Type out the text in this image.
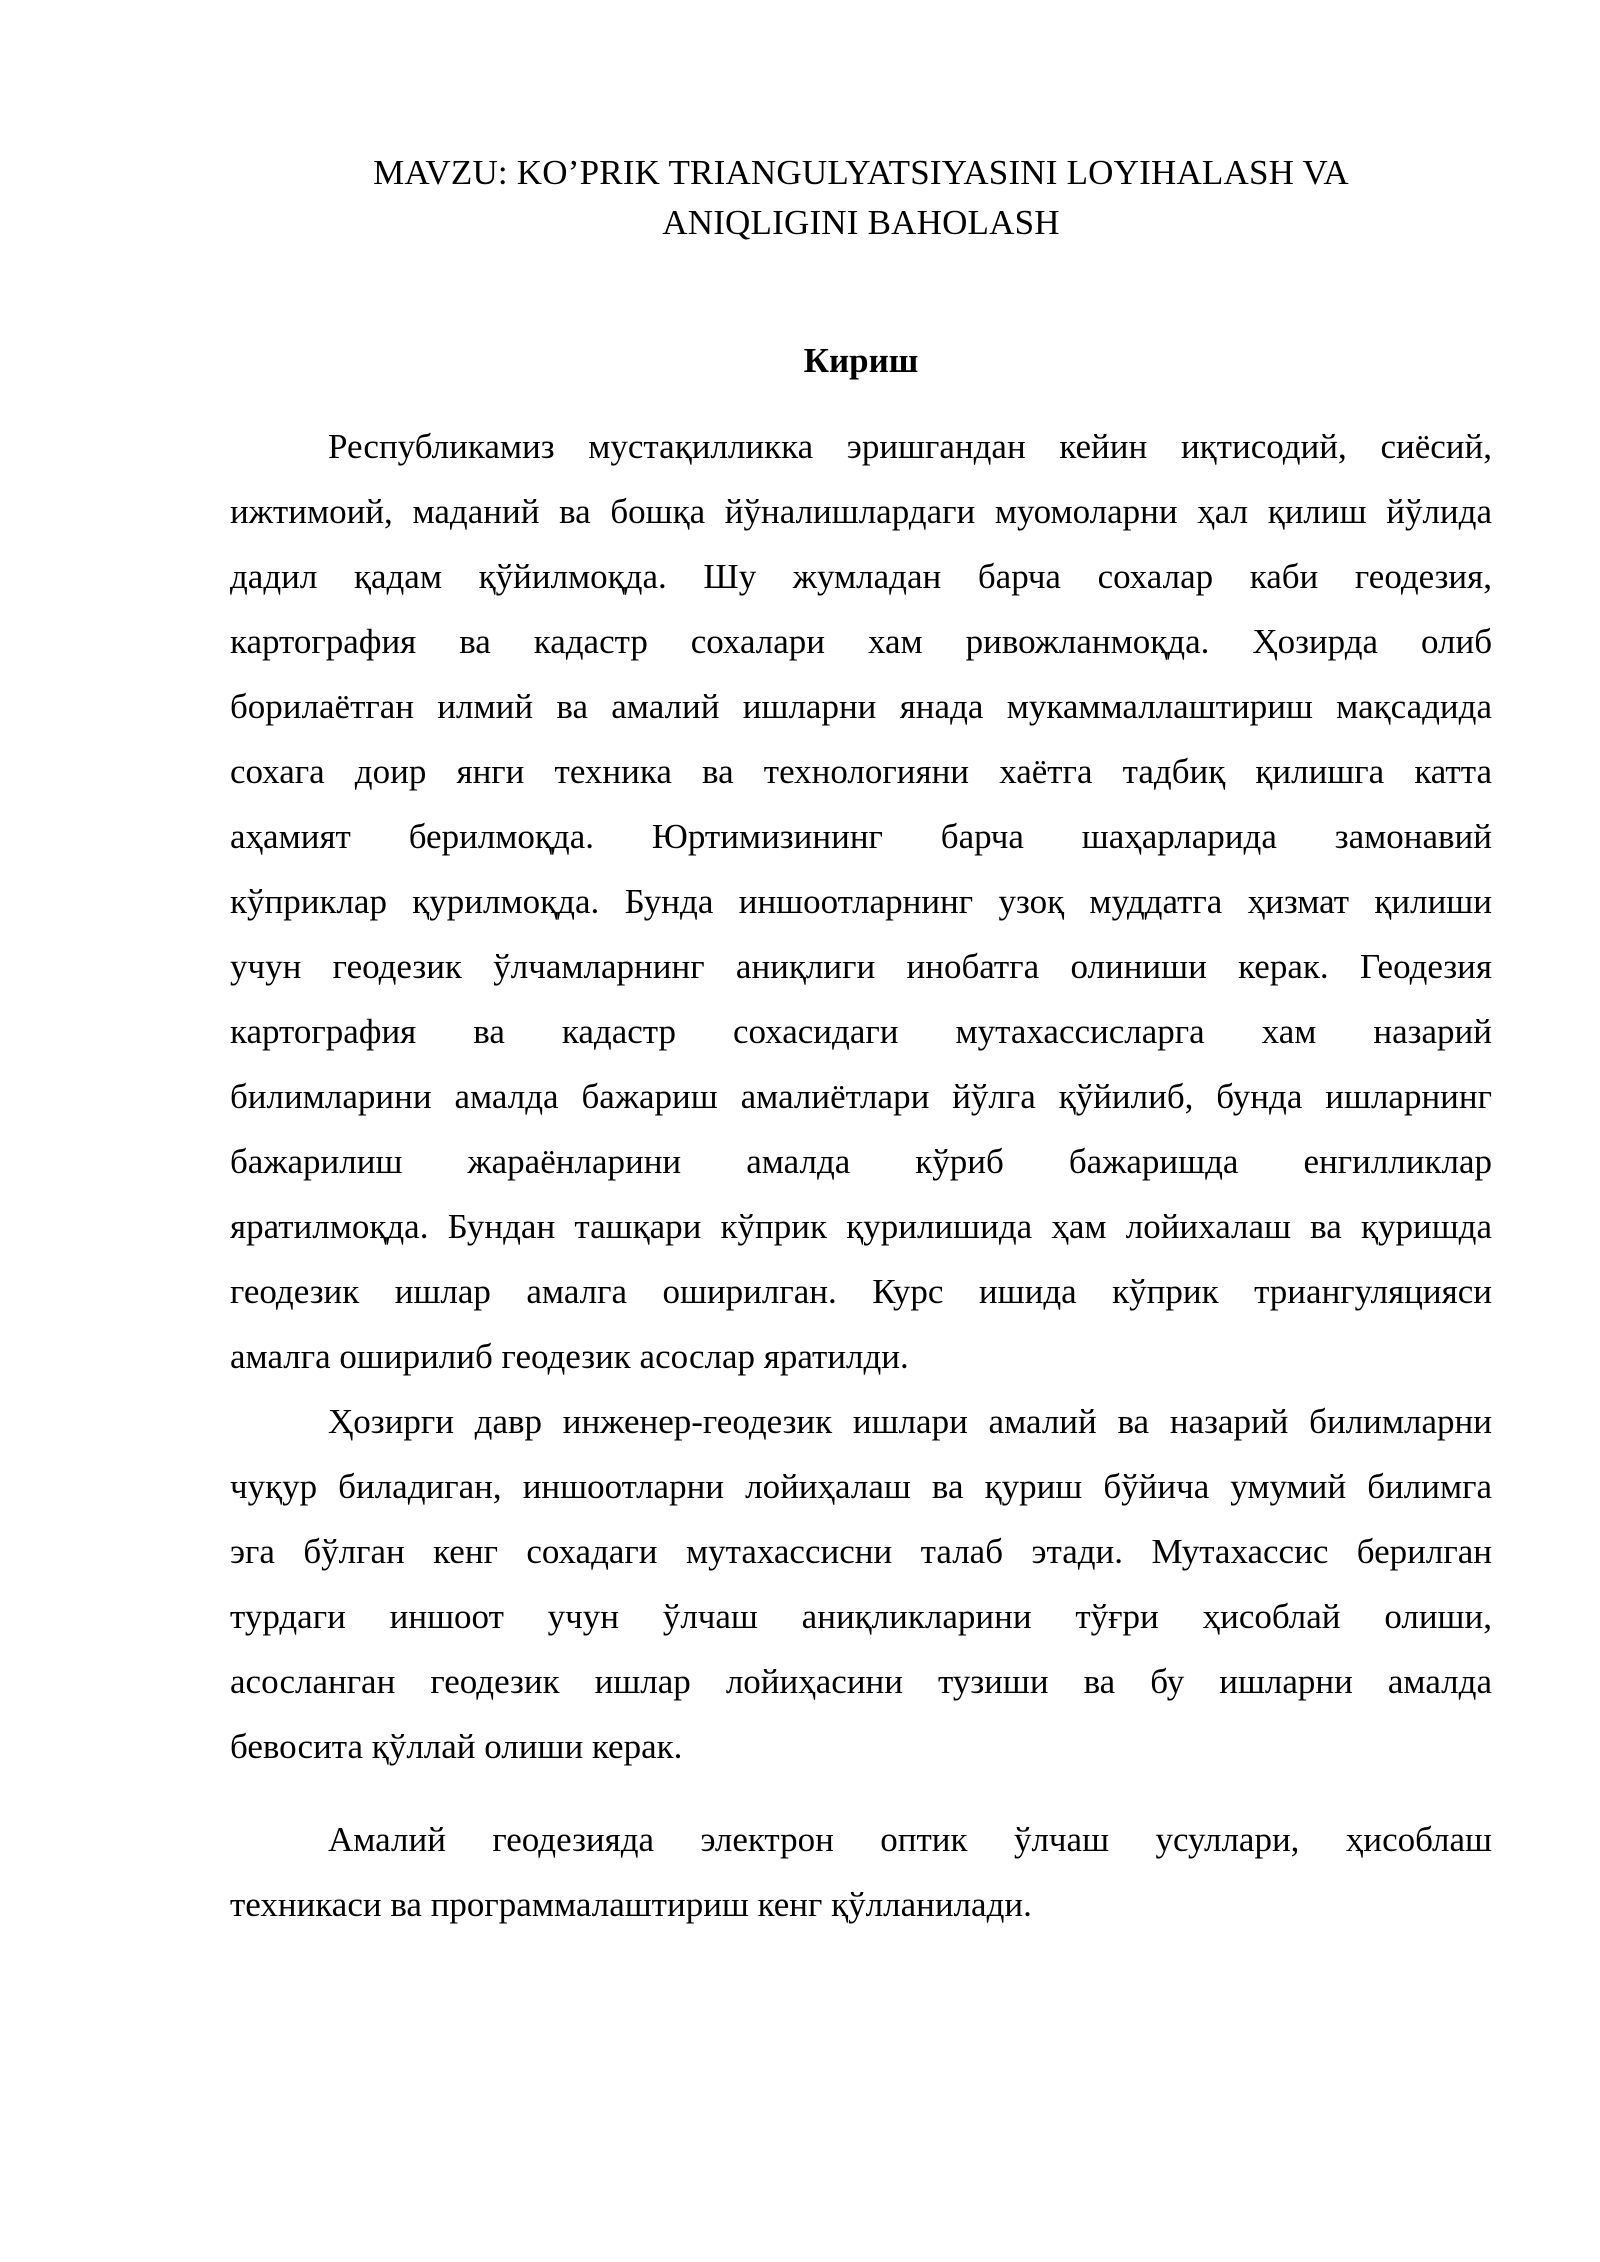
MAVZU: KO’PRIK TRIANGULYATSIYASINI LOYIHALASH VA
ANIQLIGINI BAHOLASH
Кириш
Республикамиз мустақилликка эришгандан кейин иқтисодий, сиёсий,
ижтимоий, маданий ва бошқа йўналишлардаги муомоларни ҳал қилиш йўлида
дадил қадам қўйилмоқда. Шу жумладан барча сохалар каби геодезия,
картография ва кадастр сохалари хам ривожланмоқда. Ҳозирда олиб
борилаётган илмий ва амалий ишларни янада мукаммаллаштириш мақсадида
сохага доир янги техника ва технологияни хаётга тадбиқ қилишга катта
аҳамият берилмоқда. Юртимизининг барча шаҳарларида замонавий
кўприклар қурилмоқда. Бунда иншоотларнинг узоқ муддатга ҳизмат қилиши
учун геодезик ўлчамларнинг аниқлиги инобатга олиниши керак. Геодезия
картография ва кадастр сохасидаги мутахассисларга хам назарий
билимларини амалда бажариш амалиётлари йўлга қўйилиб, бунда ишларнинг
бажарилиш жараёнларини амалда кўриб бажаришда енгилликлар
яратилмоқда. Бундан ташқари кўприк қурилишида ҳам лойихалаш ва қуришда
геодезик ишлар амалга оширилган. Курс ишида кўприк триангуляцияси
амалга оширилиб геодезик асослар яратилди.
Ҳозирги давр инженер-геодезик ишлари амалий ва назарий билимларни
чуқур биладиган, иншоотларни лойиҳалаш ва қуриш бўйича умумий билимга
эга бўлган кенг сохадаги мутахассисни талаб этади. Мутахассис берилган
турдаги иншоот учун ўлчаш аниқликларини тўғри ҳисоблай олиши,
асосланган геодезик ишлар лойиҳасини тузиши ва бу ишларни амалда
бевосита қўллай олиши керак.
Амалий геодезияда электрон оптик ўлчаш усуллари, ҳисоблаш
техникаси ва программалаштириш кенг қўлланилади.
